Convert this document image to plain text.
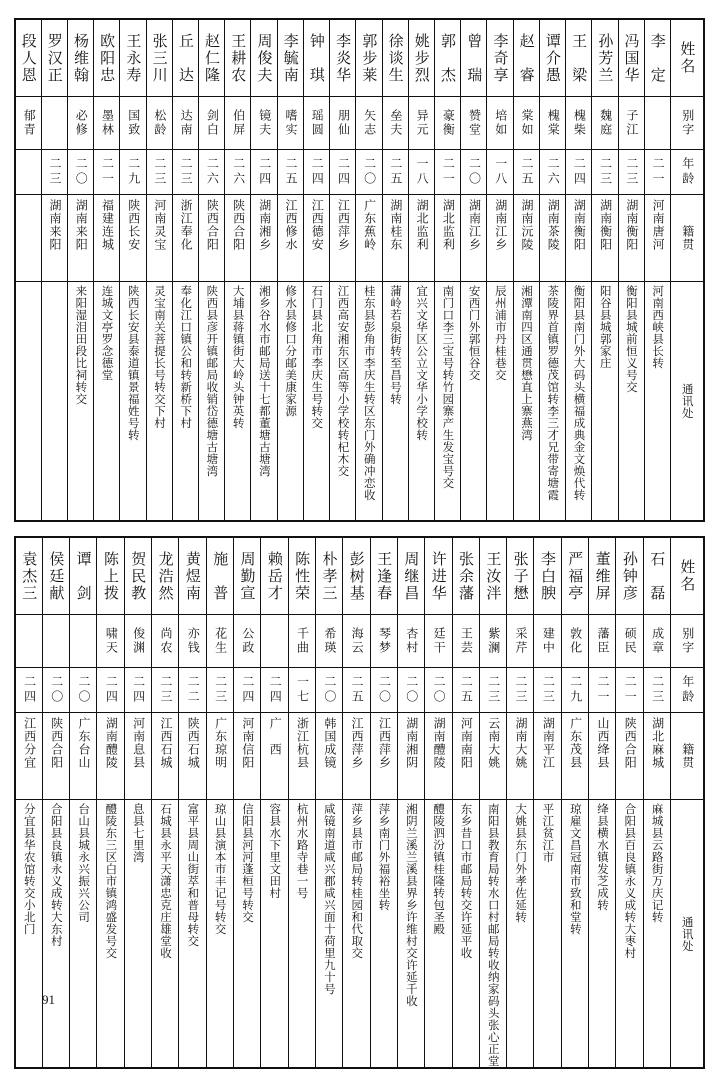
段人恩	罗汉正	杨维翰	欧阳忠	王永寿	张三川	丘　达	赵仁隆	王耕农	周俊夫	李毓南	钟　琪	李炎华	郭步莱	徐谈生	姚步烈	郭　杰	曾　瑞	李奇享	赵　睿	谭介愚	王　梁	孙芳兰	冯国华	李　定	姓名

郁青		必修	墨林	国致	松龄	达南	剑白	伯屏	镜夫	嗜实	瑶圆	朋仙	矢志	垒夫	异元	豪衡	赞堂	培如	棠如	槐棠	槐柴	魏庭	子江		别字

	二三	二〇	二一	二九	二三	二三	二六	二六	二四	二五	二四	二四	二〇	二五	一八	二一	二〇	一八	二五	二六	二四	二三	二三	二一	年龄

	湖南来阳	湖南来阳	福建连城	陕西长安	河南灵宝	浙江奉化	陕西合阳	陕西合阳	湖南湘乡	江西修水	江西德安	江西萍乡	广东蕉岭	湖南桂东	湖北监利	湖北监利	湖南江乡	湖南江乡	湖南沅陵	湖南茶陵	湖南衡阳	湖南衡阳	湖南衡阳	河南唐河	籍贯

		来阳湿泪田段比祠转交	连城文亭罗念德堂	陕西长安县泰道镇景福姓号转	灵宝南关菩提长号转交下村	奉化江口镇公和转新桥下村	陕西县彦开镇邮局收销岱德塘古塘湾	大埔县蒋镇街大岭头钟英转	湘乡谷水市邮局送十七都董塘古塘湾	修水县修口分邮美康家源	石门县北角市李庆生号转交	江西高安湘东区高等小学校转杞木交	桂东县彭角市李庆生转区东门外确冲恋收	蒲岭若泉街转至昌号转	宜兴文华区公立文华小学校转	南门口李三宝号转竹园寨产生发宝号交	安西门外郭恒谷交	辰州浦市丹桂巷交	湘潭南四区通贯懋直上寨燕湾	茶陵界首镇罗德茂馆转李三才兄带寄塘霞	衡阳县南门外大码头横福成典金文焕代转	阳谷县城郭家庄	衡阳县城前恒义号交	河南西峡县长转	通讯处
袁杰三	侯廷献	谭　剑	陈上拨	贺民教	龙浩然	黄煜南	施　普	周勤宣	赖岳才	陈性荣	朴孝三	彭树基	王逢春	周继昌	许进华	张余藩	王汝泮	张子懋	李白腴	严福亭	董维屏	孙钟彦	石　磊	姓名

			啸天	俊渊	尚农	亦钱	花生	公政		千曲	希瑛	海云	琴梦	杏村	廷干	王芸	紫澜	采芹	建中	敦化	藩臣	硕民	成章	别字

二四	二〇	二〇	二四	二四	二三	二二	二三	二四	二四	一七	二〇	二五	二〇	二〇	二〇	二五	二三	二三	二三	二九	二一	二一	二三	年龄

江西分宜	陕西合阳	广东台山	湖南醴陵	河南息县	江西石城	陕西石城	广东琼明	河南信阳	广　西	浙江杭县	韩国成镜	江西萍乡	江西萍乡	湖南湘阴	湖南醴陵	河南南阳	云南大姚	湖南大姚	湖南平江	广东茂县	山西绛县	陕西合阳	湖北麻城	籍贯

分宜县华农馆转交小北门	合阳县良镇永义成转大东村	台山县城永兴振兴公司	醴陵东三区白市镇鸿盛发号交	息县七里湾	石城县永平天潇忠克庄雄堂收	富平县周山街萃和普母转交	琼山县演本市丰记号转交	信阳县河河蓬桓号转交	容县水下里文田村	杭州水路寺巷一号	咸镜南道咸兴郡咸兴面十荷里九十号	萍乡县市邮局转桂园和代取交	萍乡南门外福裕坐转	湘阴兰溪兰溪县界乡许维村交许延千收	醴陵泗汾镇桂隆转包圣殿	东乡昔口市邮局转交许延平收	南阳县教育局转水口村邮局转收纳家码头张心正堂	大姚县东门外孝佐延转	平江贫江市	琼雇文昌冠南市致和堂转	绛县横水镇发芝成转	合阳县百良镇永义成转大枣村	麻城县云路街万庆记转	通讯处
91
